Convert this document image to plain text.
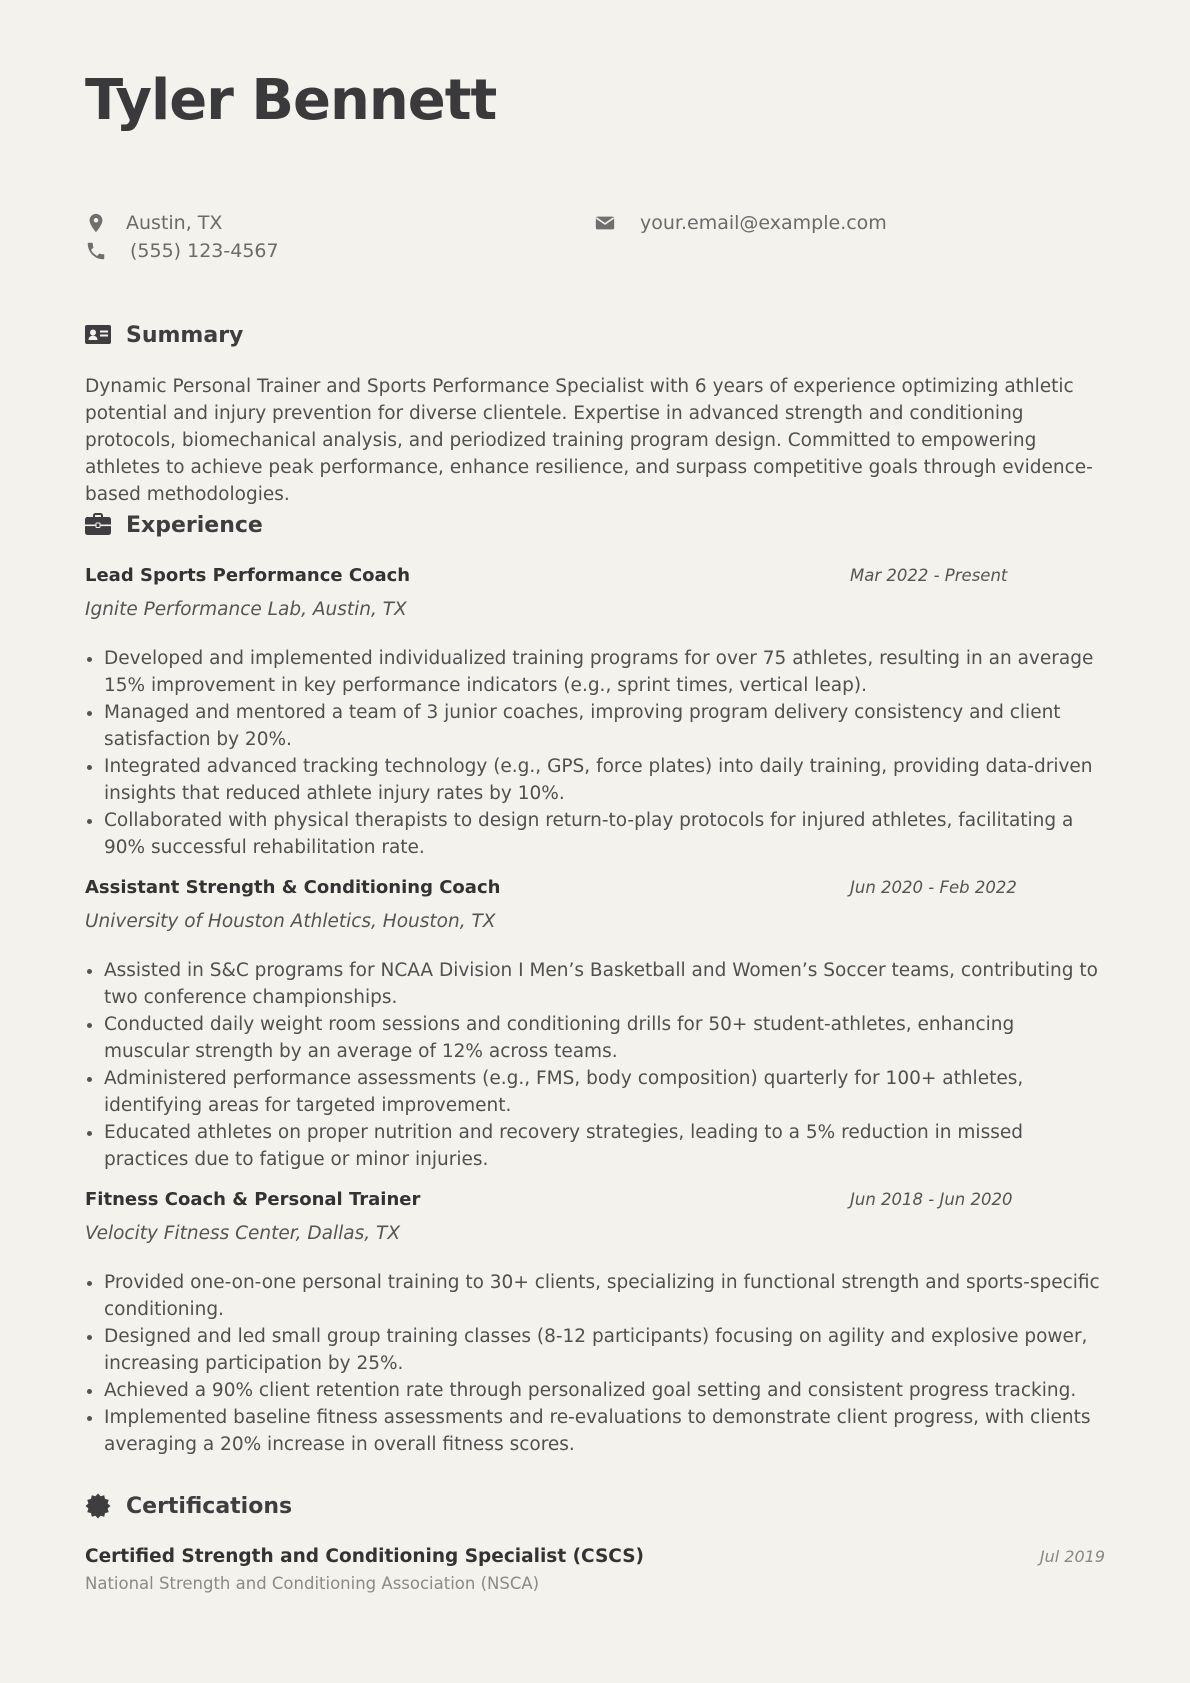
Tyler Bennett
Austin, TX
(555) 123-4567
your.email@example.com
Summary

Dynamic Personal Trainer and Sports Performance Specialist with 6 years of experience optimizing athletic potential and injury prevention for diverse clientele. Expertise in advanced strength and conditioning protocols, biomechanical analysis, and periodized training program design. Committed to empowering athletes to achieve peak performance, enhance resilience, and surpass competitive goals through evidence-based methodologies.

Experience
Lead Sports Performance Coach	Mar 2022 - Present
Ignite Performance Lab, Austin, TX
Developed and implemented individualized training programs for over 75 athletes, resulting in an average 15% improvement in key performance indicators (e.g., sprint times, vertical leap).
Managed and mentored a team of 3 junior coaches, improving program delivery consistency and client satisfaction by 20%.
Integrated advanced tracking technology (e.g., GPS, force plates) into daily training, providing data-driven insights that reduced athlete injury rates by 10%.
Collaborated with physical therapists to design return-to-play protocols for injured athletes, facilitating a 90% successful rehabilitation rate.
Assistant Strength & Conditioning Coach	Jun 2020 - Feb 2022
University of Houston Athletics, Houston, TX
Assisted in S&C programs for NCAA Division I Men’s Basketball and Women’s Soccer teams, contributing to two conference championships.
Conducted daily weight room sessions and conditioning drills for 50+ student-athletes, enhancing muscular strength by an average of 12% across teams.
Administered performance assessments (e.g., FMS, body composition) quarterly for 100+ athletes, identifying areas for targeted improvement.
Educated athletes on proper nutrition and recovery strategies, leading to a 5% reduction in missed practices due to fatigue or minor injuries.
Fitness Coach & Personal Trainer	Jun 2018 - Jun 2020
Velocity Fitness Center, Dallas, TX
Provided one-on-one personal training to 30+ clients, specializing in functional strength and sports-specific conditioning.
Designed and led small group training classes (8-12 participants) focusing on agility and explosive power, increasing participation by 25%.
Achieved a 90% client retention rate through personalized goal setting and consistent progress tracking.
Implemented baseline fitness assessments and re-evaluations to demonstrate client progress, with clients averaging a 20% increase in overall fitness scores.
Certifications
Certified Strength and Conditioning Specialist (CSCS)	Jul 2019
National Strength and Conditioning Association (NSCA)
